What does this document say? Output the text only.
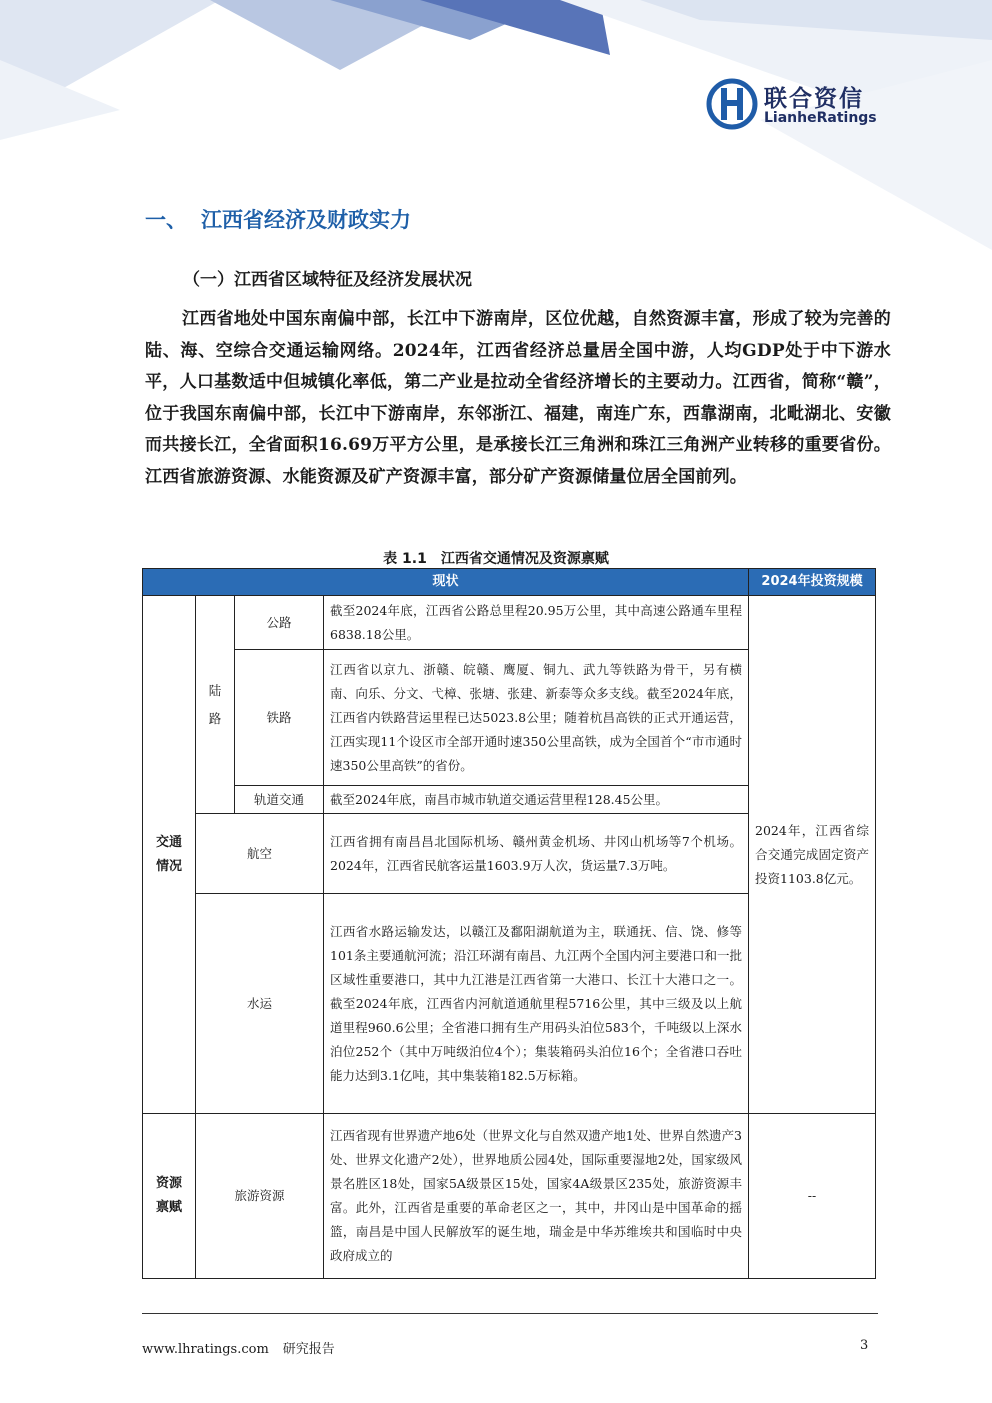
联合资信
LianheRatings
一、 江西省经济及财政实力
（一）江西省区域特征及经济发展状况

江西省地处中国东南偏中部，长江中下游南岸，区位优越，自然资源丰富，形成了较为完善的陆、海、空综合交通运输网络。2024年，江西省经济总量居全国中游，人均GDP处于中下游水平，人口基数适中但城镇化率低，第二产业是拉动全省经济增长的主要动力。江西省，简称“赣”，位于我国东南偏中部，长江中下游南岸，东邻浙江、福建，南连广东，西靠湖南，北毗湖北、安徽而共接长江，全省面积16.69万平方公里，是承接长江三角洲和珠江三角洲产业转移的重要省份。江西省旅游资源、水能资源及矿产资源丰富，部分矿产资源储量位居全国前列。

表 1.1　江西省交通情况及资源禀赋
现状				2024年投资规模
交通情况	陆路	公路	截至2024年底，江西省公路总里程20.95万公里，其中高速公路通车里程6838.18公里。	2024年，江西省综合交通完成固定资产投资1103.8亿元。
		铁路	江西省以京九、浙赣、皖赣、鹰厦、铜九、武九等铁路为骨干，另有横南、向乐、分文、弋樟、张塘、张建、新泰等众多支线。截至2024年底，江西省内铁路营运里程已达5023.8公里；随着杭昌高铁的正式开通运营，江西实现11个设区市全部开通时速350公里高铁，成为全国首个“市市通时速350公里高铁”的省份。	
		轨道交通	截至2024年底，南昌市城市轨道交通运营里程128.45公里。	
	航空		江西省拥有南昌昌北国际机场、赣州黄金机场、井冈山机场等7个机场。2024年，江西省民航客运量1603.9万人次，货运量7.3万吨。	
	水运		江西省水路运输发达，以赣江及鄱阳湖航道为主，联通抚、信、饶、修等101条主要通航河流；沿江环湖有南昌、九江两个全国内河主要港口和一批区域性重要港口，其中九江港是江西省第一大港口、长江十大港口之一。截至2024年底，江西省内河航道通航里程5716公里，其中三级及以上航道里程960.6公里；全省港口拥有生产用码头泊位583个，千吨级以上深水泊位252个（其中万吨级泊位4个）；集装箱码头泊位16个；全省港口吞吐能力达到3.1亿吨，其中集装箱182.5万标箱。	

资源禀赋	旅游资源		江西省现有世界遗产地6处（世界文化与自然双遗产地1处、世界自然遗产3处、世界文化遗产2处），世界地质公园4处，国际重要湿地2处，国家级风景名胜区18处，国家5A级景区15处，国家4A级景区235处，旅游资源丰富。此外，江西省是重要的革命老区之一，其中，井冈山是中国革命的摇篮，南昌是中国人民解放军的诞生地，瑞金是中华苏维埃共和国临时中央政府成立的	--
www.lhratings.com 研究报告	3
